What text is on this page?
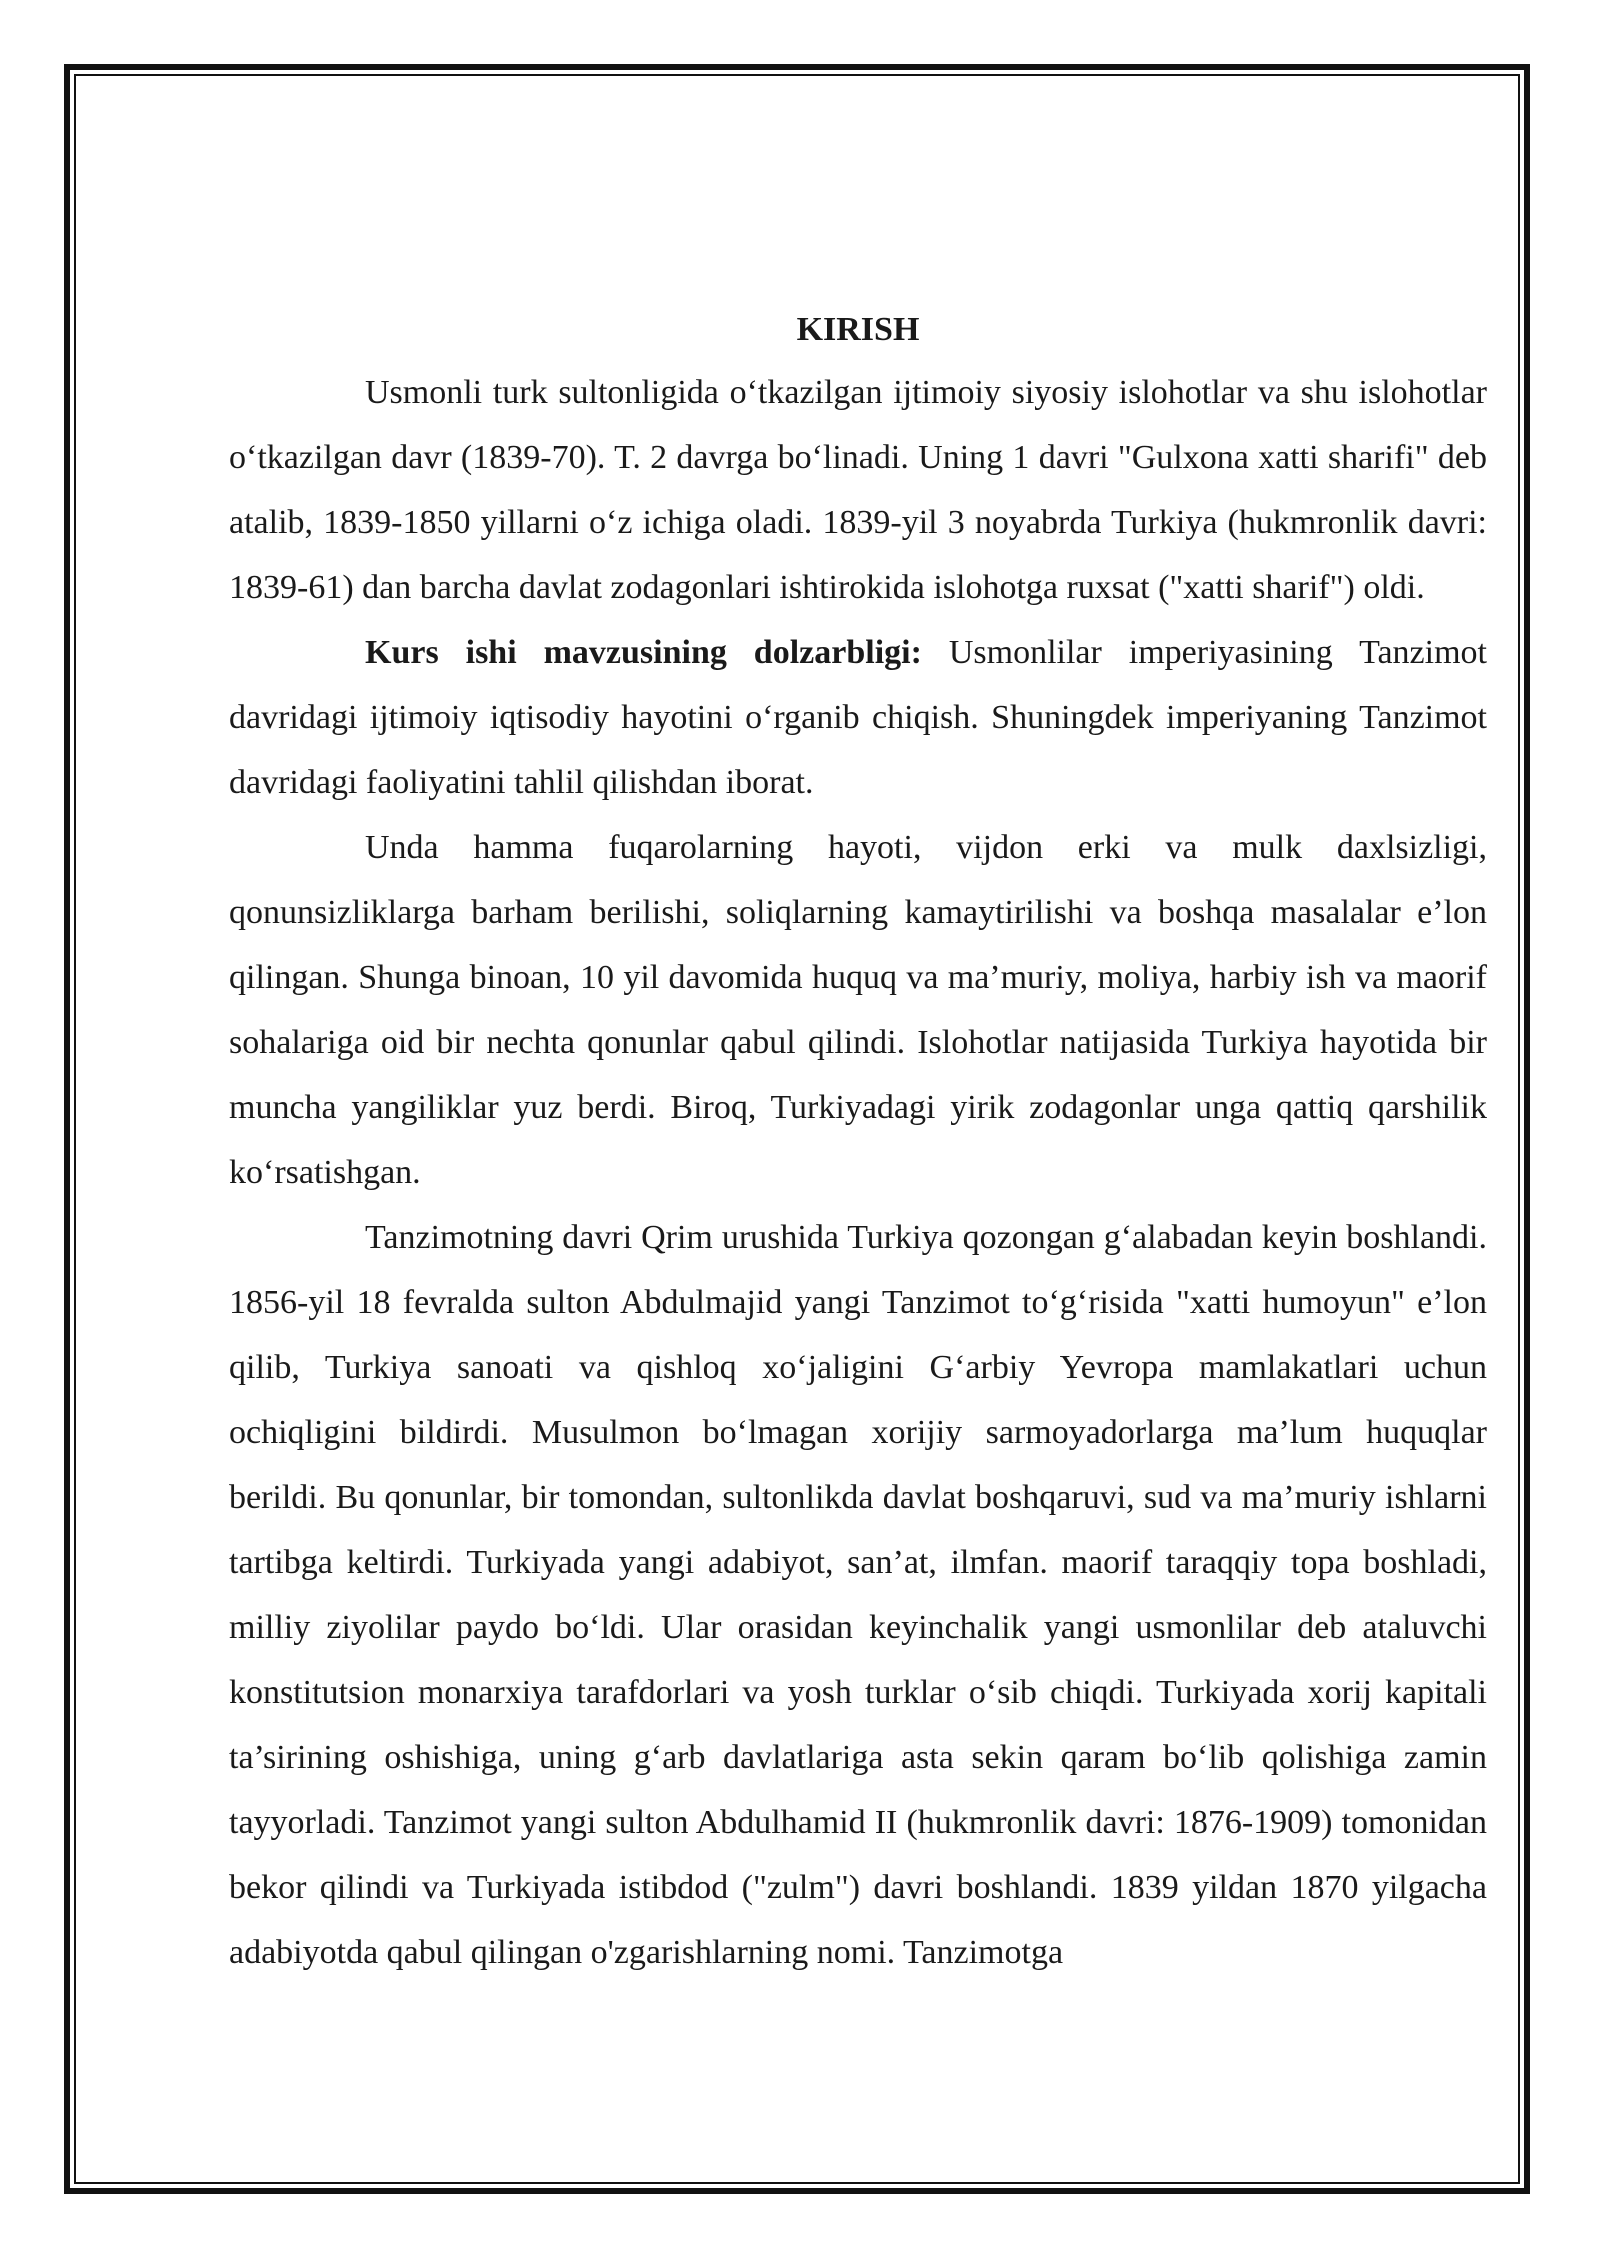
KIRISH

Usmonli turk sultonligida oʻtkazilgan ijtimoiy siyosiy islohotlar va shu islohotlar oʻtkazilgan davr (1839-70). T. 2 davrga boʻlinadi. Uning 1 davri "Gulxona xatti sharifi" deb atalib, 1839-1850 yillarni oʻz ichiga oladi. 1839-yil 3 noyabrda Turkiya (hukmronlik davri: 1839-61) dan barcha davlat zodagonlari ishtirokida islohotga ruxsat ("xatti sharif") oldi.

Kurs ishi mavzusining dolzarbligi: Usmonlilar imperiyasining Tanzimot davridagi ijtimoiy iqtisodiy hayotini oʻrganib chiqish. Shuningdek imperiyaning Tanzimot davridagi faoliyatini tahlil qilishdan iborat.

Unda hamma fuqarolarning hayoti, vijdon erki va mulk daxlsizligi, qonunsizliklarga barham berilishi, soliqlarning kamaytirilishi va boshqa masalalar e’lon qilingan. Shunga binoan, 10 yil davomida huquq va ma’muriy, moliya, harbiy ish va maorif sohalariga oid bir nechta qonunlar qabul qilindi. Islohotlar natijasida Turkiya hayotida bir muncha yangiliklar yuz berdi. Biroq, Turkiyadagi yirik zodagonlar unga qattiq qarshilik koʻrsatishgan.

Tanzimotning davri Qrim urushida Turkiya qozongan gʻalabadan keyin boshlandi. 1856-yil 18 fevralda sulton Abdulmajid yangi Tanzimot toʻgʻrisida "xatti humoyun" e’lon qilib, Turkiya sanoati va qishloq xoʻjaligini Gʻarbiy Yevropa mamlakatlari uchun ochiqligini bildirdi. Musulmon boʻlmagan xorijiy sarmoyadorlarga ma’lum huquqlar berildi. Bu qonunlar, bir tomondan, sultonlikda davlat boshqaruvi, sud va ma’muriy ishlarni tartibga keltirdi. Turkiyada yangi adabiyot, san’at, ilmfan. maorif taraqqiy topa boshladi, milliy ziyolilar paydo boʻldi. Ular orasidan keyinchalik yangi usmonlilar deb ataluvchi konstitutsion monarxiya tarafdorlari va yosh turklar oʻsib chiqdi. Turkiyada xorij kapitali ta’sirining oshishiga, uning gʻarb davlatlariga asta sekin qaram boʻlib qolishiga zamin tayyorladi. Tanzimot yangi sulton Abdulhamid II (hukmronlik davri: 1876-1909) tomonidan bekor qilindi va Turkiyada istibdod ("zulm") davri boshlandi. 1839 yildan 1870 yilgacha adabiyotda qabul qilingan o'zgarishlarning nomi. Tanzimotga
